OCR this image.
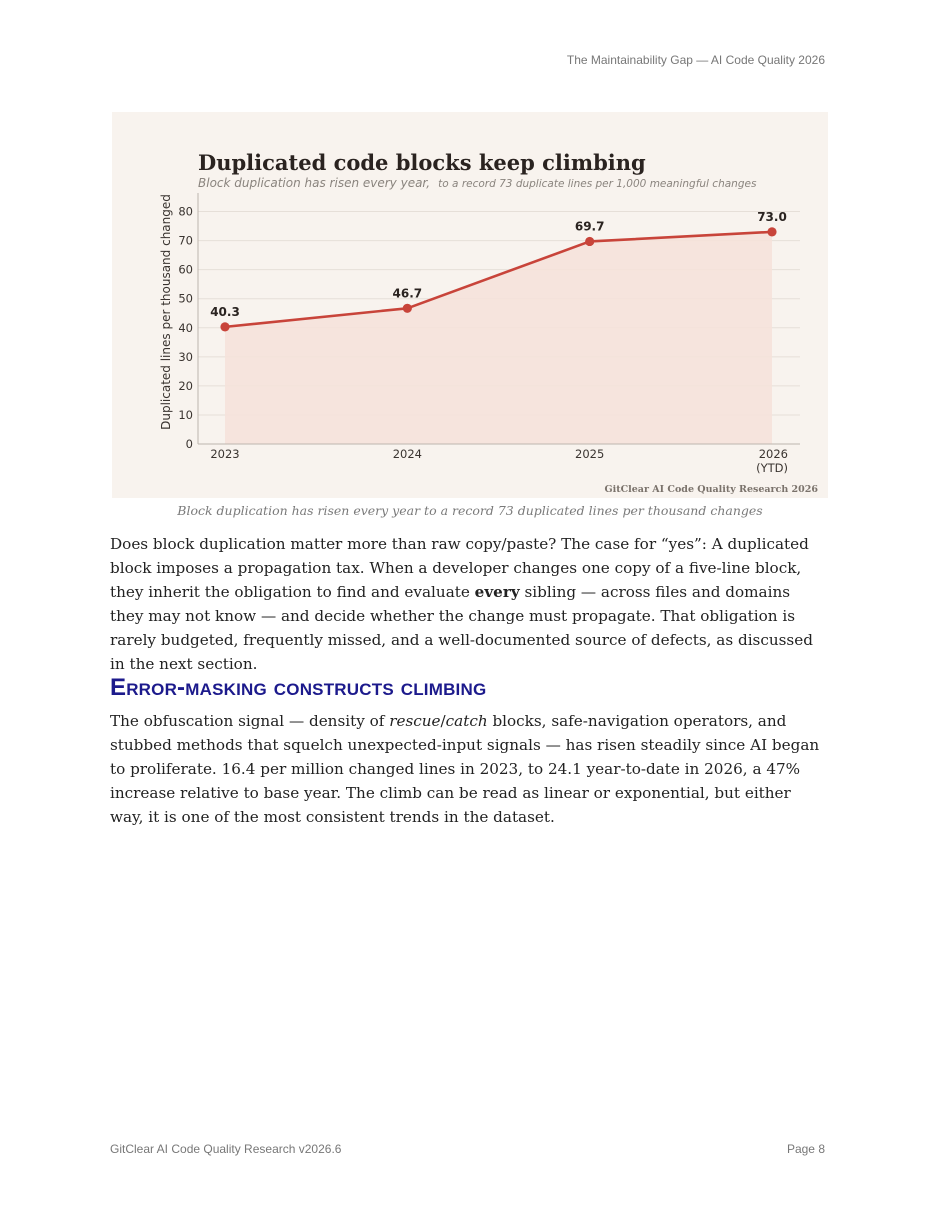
The Maintainability Gap — AI Code Quality 2026
Duplicated code blocks keep climbing
Block duplication has risen every year, to a record 73 duplicate lines per 1,000 meaningful changes
Duplicated lines per thousand changed
0
10
20
30
40
50
60
70
80
2023	2024	2025	2026
(YTD)
40.3
46.7
69.7
73.0
GitClear AI Code Quality Research 2026
Block duplication has risen every year to a record 73 duplicated lines per thousand changes

Does block duplication matter more than raw copy/paste? The case for “yes”: A duplicated block imposes a propagation tax. When a developer changes one copy of a five-line block, they inherit the obligation to find and evaluate every sibling — across files and domains they may not know — and decide whether the change must propagate. That obligation is rarely budgeted, frequently missed, and a well-documented source of defects, as discussed in the next section.

Error-masking constructs climbing

The obfuscation signal — density of rescue/catch blocks, safe-navigation operators, and stubbed methods that squelch unexpected-input signals — has risen steadily since AI began to proliferate. 16.4 per million changed lines in 2023, to 24.1 year-to-date in 2026, a 47% increase relative to base year. The climb can be read as linear or exponential, but either way, it is one of the most consistent trends in the dataset.

GitClear AI Code Quality Research v2026.6	Page 8
